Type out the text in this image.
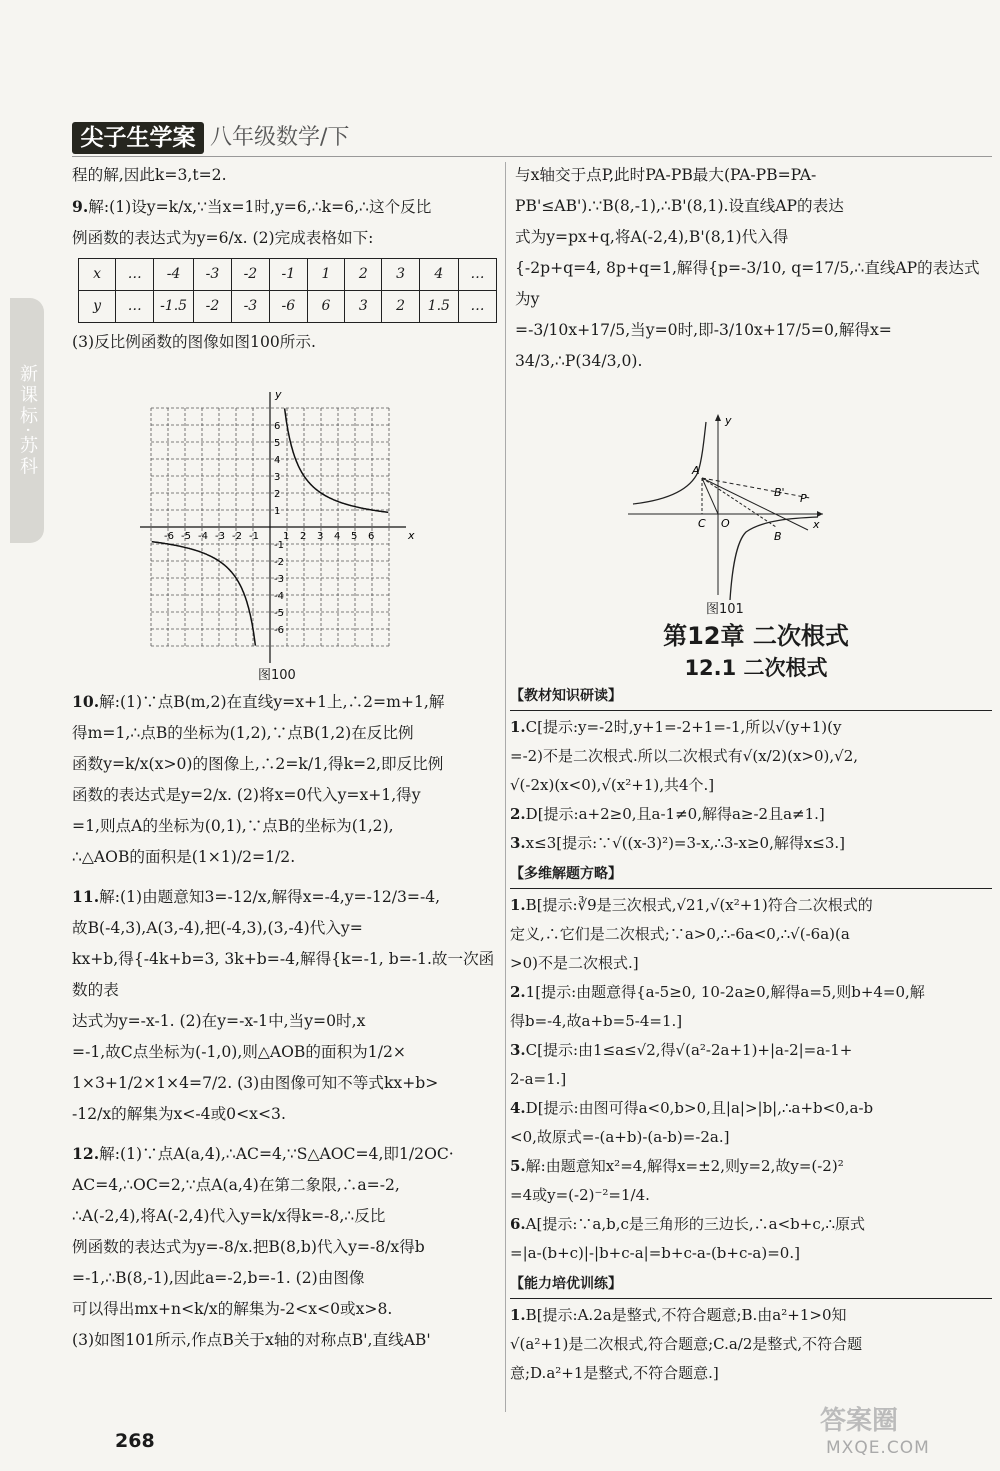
尖子生学案 八年级数学/下
新课标·苏科

程的解,因此k=3,t=2.

9.解:(1)设y=k/x,∵当x=1时,y=6,∴k=6,∴这个反比

例函数的表达式为y=6/x. (2)完成表格如下:

x	…	-4	-3	-2	-1	1	2	3	4	…
y	…	-1.5	-2	-3	-6	6	3	2	1.5	…

(3)反比例函数的图像如图100所示.

x
y
-6 -5 -4 -3 -2 -1 1 2 3 4 5 6
6
5
4
3
2
1
-1
-2
-3
-4
-5
-6
图100

10.解:(1)∵点B(m,2)在直线y=x+1上,∴2=m+1,解

得m=1,∴点B的坐标为(1,2),∵点B(1,2)在反比例

函数y=k/x(x>0)的图像上,∴2=k/1,得k=2,即反比例

函数的表达式是y=2/x. (2)将x=0代入y=x+1,得y

=1,则点A的坐标为(0,1),∵点B的坐标为(1,2),

∴△AOB的面积是(1×1)/2=1/2.

11.解:(1)由题意知3=-12/x,解得x=-4,y=-12/3=-4,

故B(-4,3),A(3,-4),把(-4,3),(3,-4)代入y=

kx+b,得{-4k+b=3, 3k+b=-4,解得{k=-1, b=-1.故一次函数的表

达式为y=-x-1. (2)在y=-x-1中,当y=0时,x

=-1,故C点坐标为(-1,0),则△AOB的面积为1/2×

1×3+1/2×1×4=7/2. (3)由图像可知不等式kx+b>

-12/x的解集为x<-4或0<x<3.

12.解:(1)∵点A(a,4),∴AC=4,∵S△AOC=4,即1/2OC·

AC=4,∴OC=2,∵点A(a,4)在第二象限,∴a=-2,

∴A(-2,4),将A(-2,4)代入y=k/x得k=-8,∴反比

例函数的表达式为y=-8/x.把B(8,b)代入y=-8/x得b

=-1,∴B(8,-1),因此a=-2,b=-1. (2)由图像

可以得出mx+n<k/x的解集为-2<x<0或x>8.

(3)如图101所示,作点B关于x轴的对称点B',直线AB'

与x轴交于点P,此时PA-PB最大(PA-PB=PA-

PB'≤AB').∵B(8,-1),∴B'(8,1).设直线AP的表达

式为y=px+q,将A(-2,4),B'(8,1)代入得

{-2p+q=4, 8p+q=1,解得{p=-3/10, q=17/5,∴直线AP的表达式为y

=-3/10x+17/5,当y=0时,即-3/10x+17/5=0,解得x=

34/3,∴P(34/3,0).

A
B
B' P
C O	x
y
图101
第12章 二次根式
12.1 二次根式
【教材知识研读】

1.C[提示:y=-2时,y+1=-2+1=-1,所以√(y+1)(y

=-2)不是二次根式.所以二次根式有√(x/2)(x>0),√2,

√(-2x)(x<0),√(x²+1),共4个.]

2.D[提示:a+2≥0,且a-1≠0,解得a≥-2且a≠1.]

3.x≤3[提示:∵√((x-3)²)=3-x,∴3-x≥0,解得x≤3.]

【多维解题方略】

1.B[提示:∛9是三次根式,√21,√(x²+1)符合二次根式的

定义,∴它们是二次根式;∵a>0,∴-6a<0,∴√(-6a)(a

>0)不是二次根式.]

2.1[提示:由题意得{a-5≥0, 10-2a≥0,解得a=5,则b+4=0,解

得b=-4,故a+b=5-4=1.]

3.C[提示:由1≤a≤√2,得√(a²-2a+1)+|a-2|=a-1+

2-a=1.]

4.D[提示:由图可得a<0,b>0,且|a|>|b|,∴a+b<0,a-b

<0,故原式=-(a+b)-(a-b)=-2a.]

5.解:由题意知x²=4,解得x=±2,则y=2,故y=(-2)²

=4或y=(-2)⁻²=1/4.

6.A[提示:∵a,b,c是三角形的三边长,∴a<b+c,∴原式

=|a-(b+c)|-|b+c-a|=b+c-a-(b+c-a)=0.]

【能力培优训练】

1.B[提示:A.2a是整式,不符合题意;B.由a²+1>0知

√(a²+1)是二次根式,符合题意;C.a/2是整式,不符合题

意;D.a²+1是整式,不符合题意.]

268
答案圈
MXQE.COM
